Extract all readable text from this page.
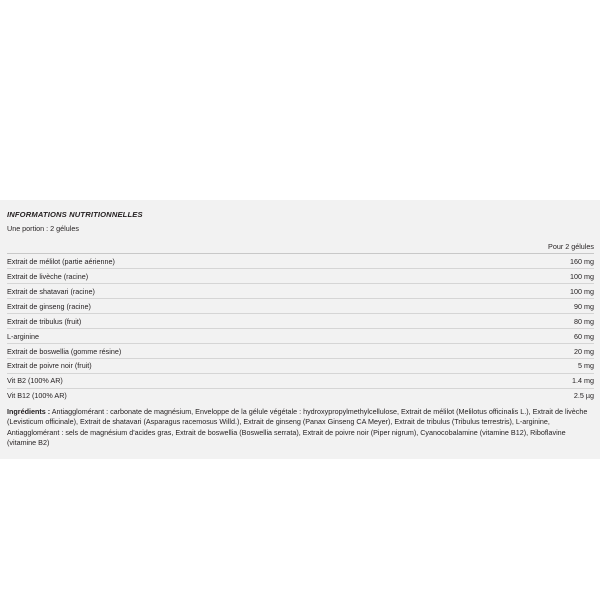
INFORMATIONS NUTRITIONNELLES
Une portion : 2 gélules
	Pour 2 gélules
Extrait de mélilot (partie aérienne)	160 mg
Extrait de livèche (racine)	100 mg
Extrait de shatavari (racine)	100 mg
Extrait de ginseng (racine)	90 mg
Extrait de tribulus (fruit)	80 mg
L-arginine	60 mg
Extrait de boswellia (gomme résine)	20 mg
Extrait de poivre noir (fruit)	5 mg
Vit B2 (100% AR)	1.4 mg
Vit B12 (100% AR)	2.5 µg

Ingrédients : Antiagglomérant : carbonate de magnésium, Enveloppe de la gélule végétale : hydroxypropylmethylcellulose, Extrait de mélilot (Melilotus officinalis L.), Extrait de livèche (Levisticum officinale), Extrait de shatavari (Asparagus racemosus Willd.), Extrait de ginseng (Panax Ginseng CA Meyer), Extrait de tribulus (Tribulus terrestris), L-arginine, Antiagglomérant : sels de magnésium d'acides gras, Extrait de boswellia (Boswellia serrata), Extrait de poivre noir (Piper nigrum), Cyanocobalamine (vitamine B12), Riboflavine (vitamine B2)
